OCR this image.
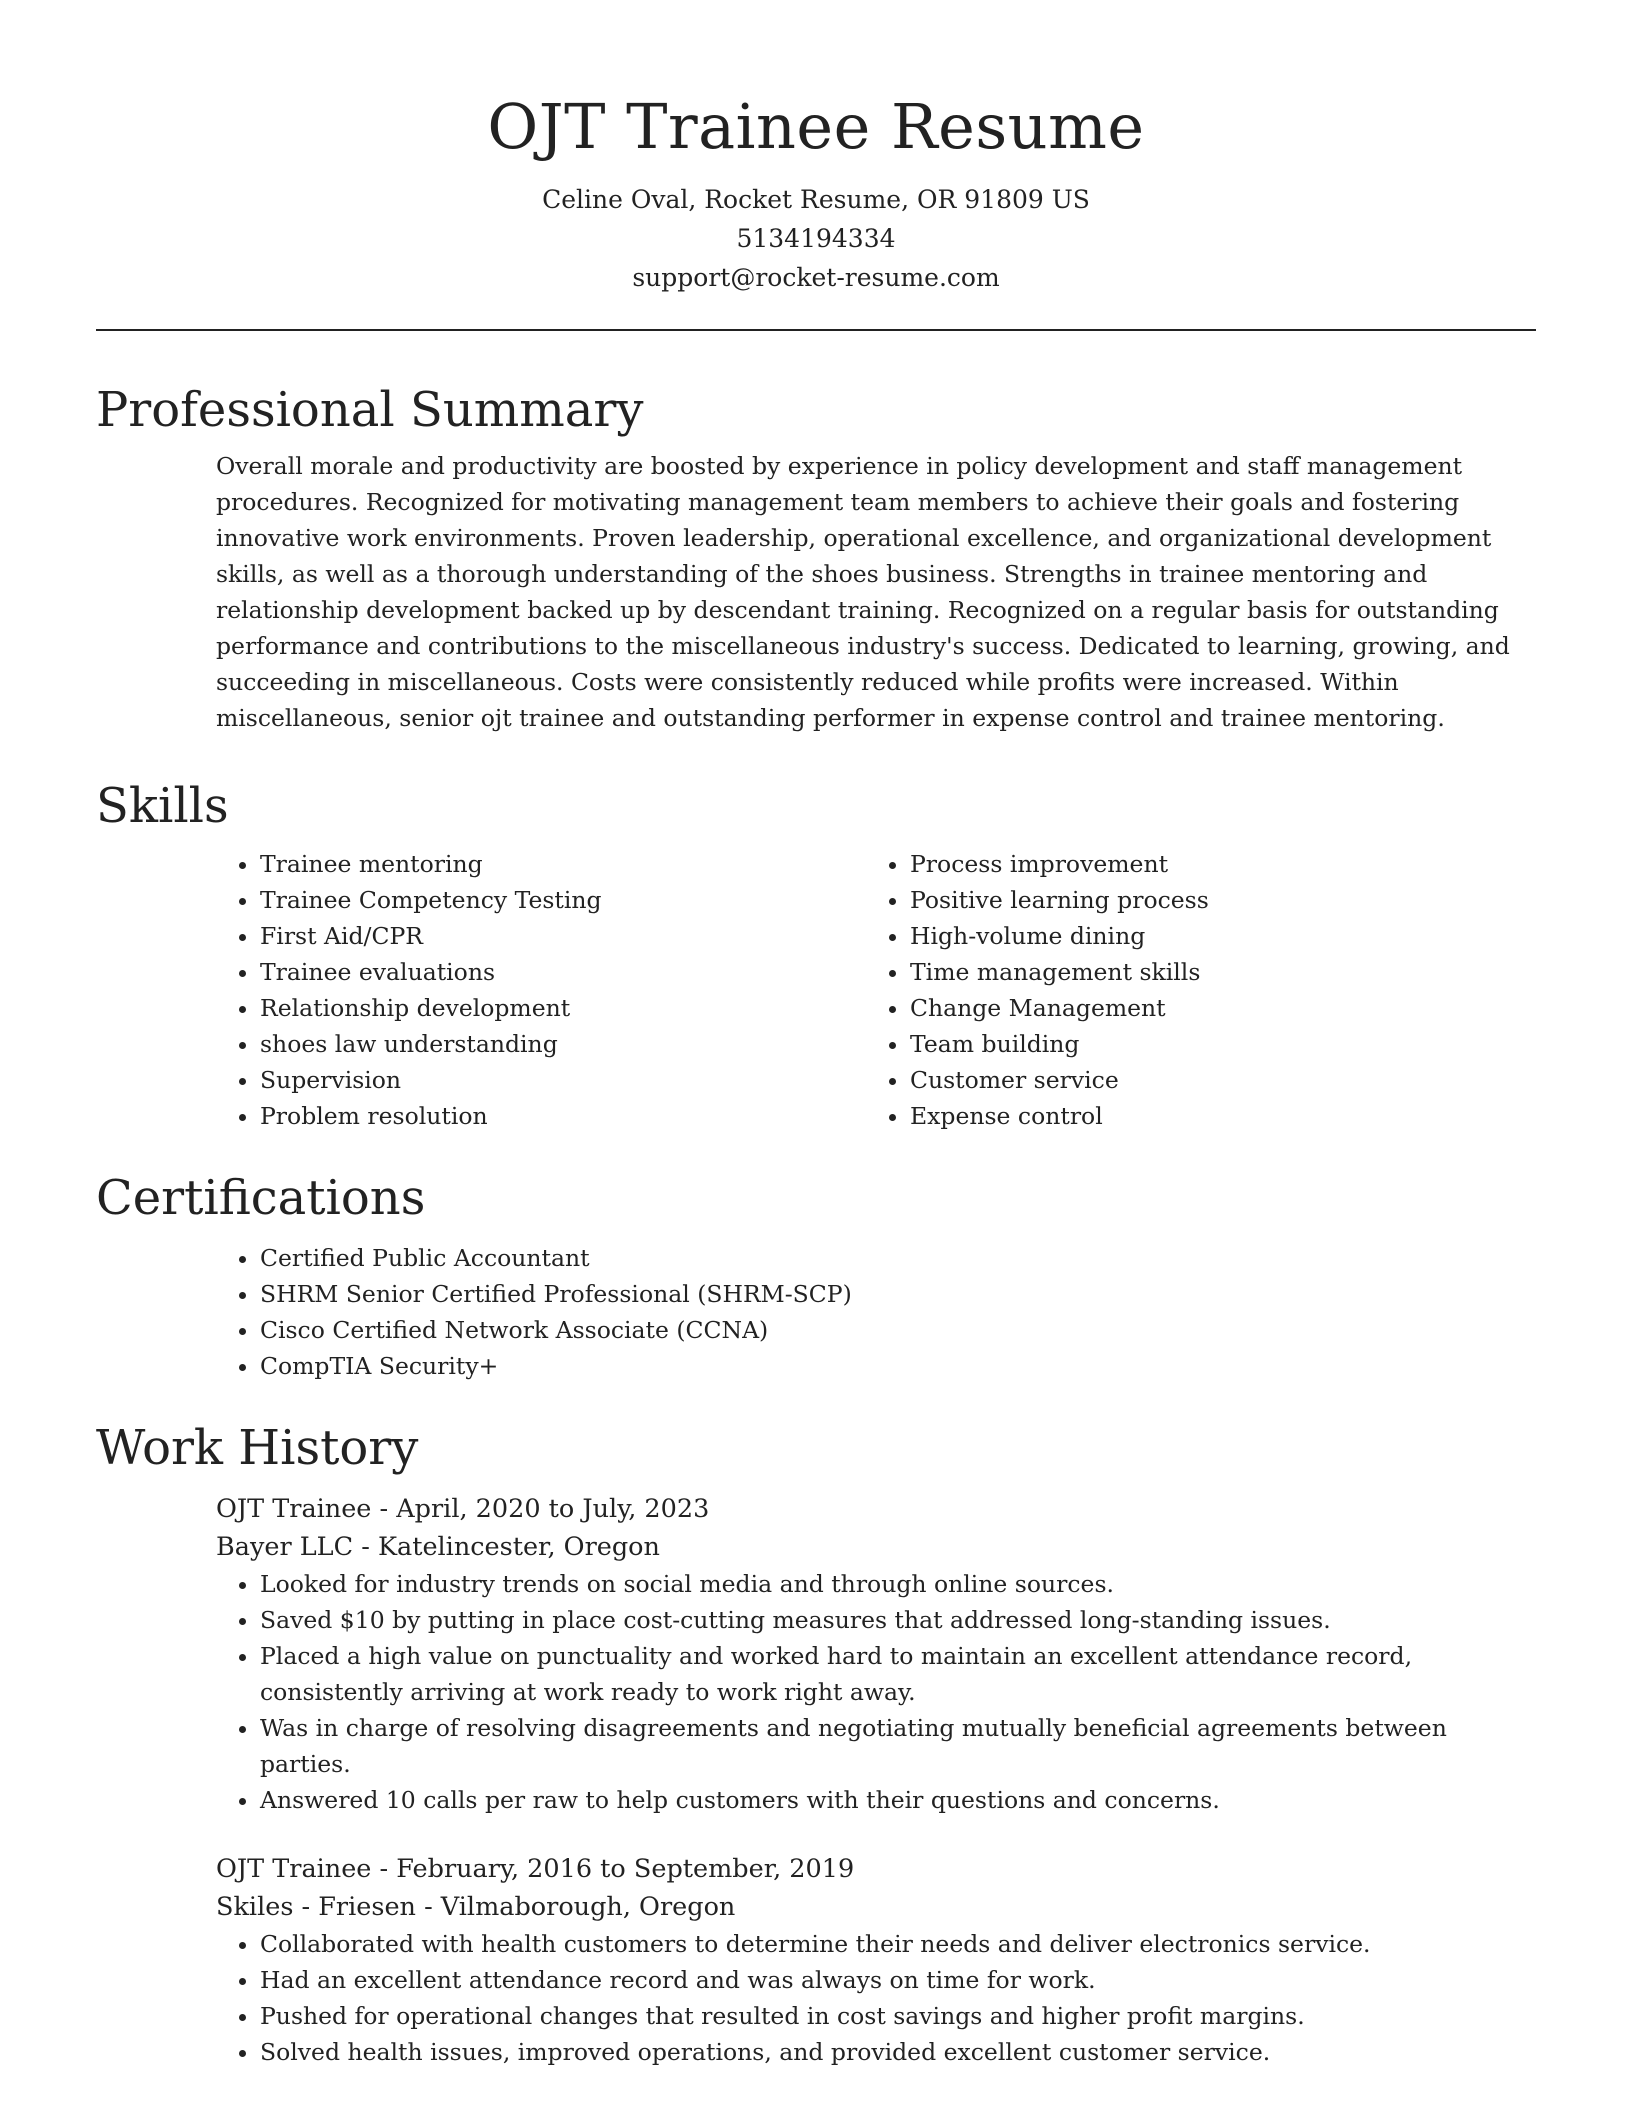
OJT Trainee Resume

Celine Oval, Rocket Resume, OR 91809 US

5134194334

support@rocket-resume.com

Professional Summary

Overall morale and productivity are boosted by experience in policy development and staff management procedures. Recognized for motivating management team members to achieve their goals and fostering innovative work environments. Proven leadership, operational excellence, and organizational development skills, as well as a thorough understanding of the shoes business. Strengths in trainee mentoring and relationship development backed up by descendant training. Recognized on a regular basis for outstanding performance and contributions to the miscellaneous industry's success. Dedicated to learning, growing, and succeeding in miscellaneous. Costs were consistently reduced while profits were increased. Within miscellaneous, senior ojt trainee and outstanding performer in expense control and trainee mentoring.

Skills
• Trainee mentoring
• Trainee Competency Testing
• First Aid/CPR
• Trainee evaluations
• Relationship development
• shoes law understanding
• Supervision
• Problem resolution
• Process improvement
• Positive learning process
• High-volume dining
• Time management skills
• Change Management
• Team building
• Customer service
• Expense control
Certifications
• Certified Public Accountant
• SHRM Senior Certified Professional (SHRM-SCP)
• Cisco Certified Network Associate (CCNA)
• CompTIA Security+
Work History

OJT Trainee - April, 2020 to July, 2023

Bayer LLC - Katelincester, Oregon

• Looked for industry trends on social media and through online sources.
• Saved $10 by putting in place cost-cutting measures that addressed long-standing issues.
• Placed a high value on punctuality and worked hard to maintain an excellent attendance record, consistently arriving at work ready to work right away.
• Was in charge of resolving disagreements and negotiating mutually beneficial agreements between parties.
• Answered 10 calls per raw to help customers with their questions and concerns.

OJT Trainee - February, 2016 to September, 2019

Skiles - Friesen - Vilmaborough, Oregon

• Collaborated with health customers to determine their needs and deliver electronics service.
• Had an excellent attendance record and was always on time for work.
• Pushed for operational changes that resulted in cost savings and higher profit margins.
• Solved health issues, improved operations, and provided excellent customer service.
